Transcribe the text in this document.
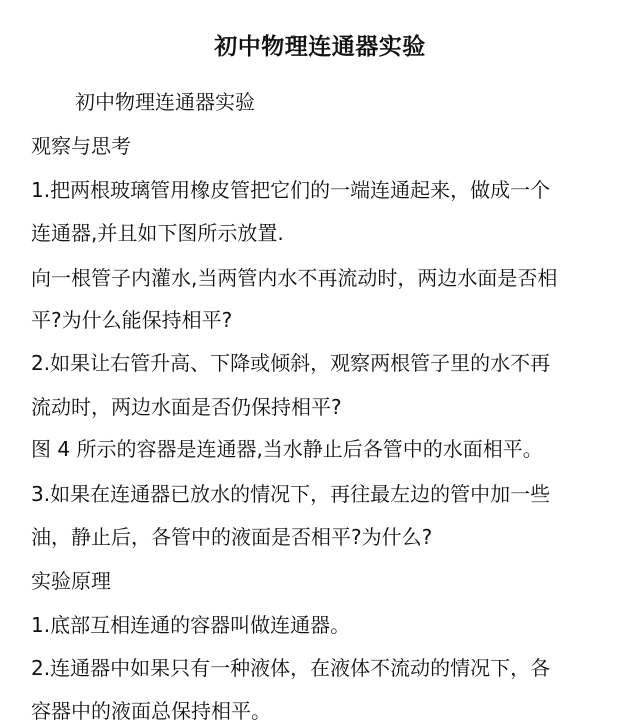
初中物理连通器实验
初中物理连通器实验
观察与思考
1.把两根玻璃管用橡皮管把它们的一端连通起来，做成一个
连通器,并且如下图所示放置.
向一根管子内灌水,当两管内水不再流动时，两边水面是否相
平?为什么能保持相平?
2.如果让右管升高、下降或倾斜，观察两根管子里的水不再
流动时，两边水面是否仍保持相平?
图 4 所示的容器是连通器,当水静止后各管中的水面相平。
3.如果在连通器已放水的情况下，再往最左边的管中加一些
油，静止后，各管中的液面是否相平?为什么?
实验原理
1.底部互相连通的容器叫做连通器。
2.连通器中如果只有一种液体，在液体不流动的情况下，各
容器中的液面总保持相平。
